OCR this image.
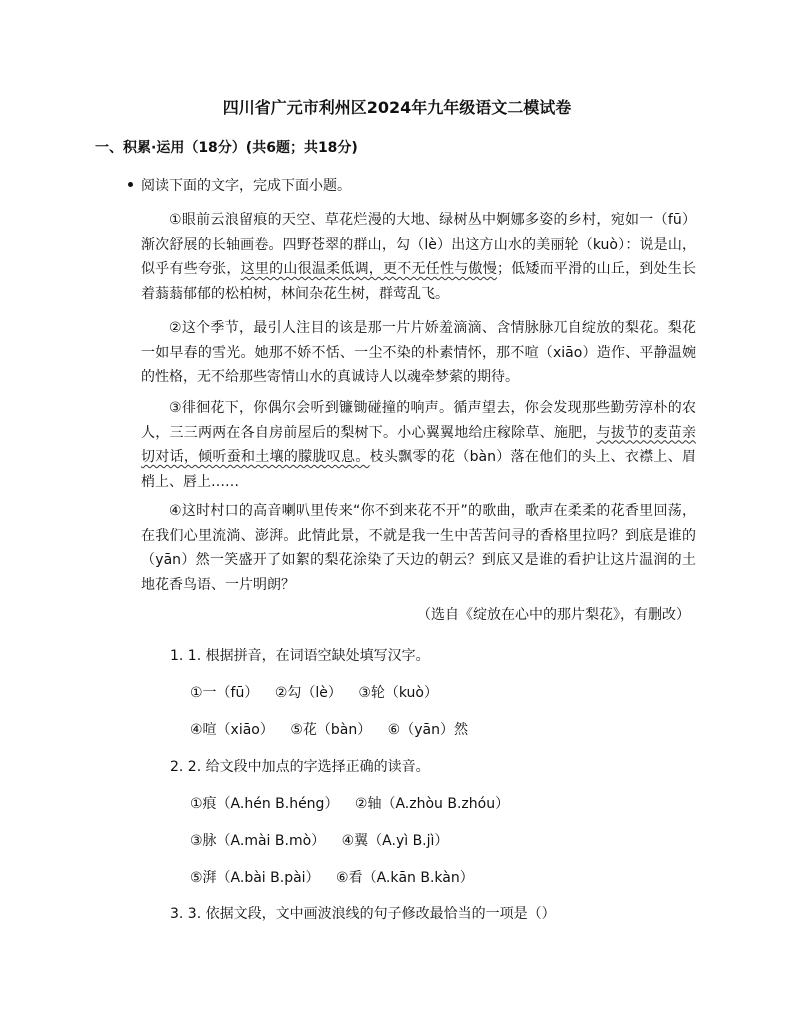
四川省广元市利州区2024年九年级语文二模试卷
一、积累·运用（18分）(共6题；共18分)
阅读下面的文字，完成下面小题。
①眼前云浪留痕的天空、草花烂漫的大地、绿树丛中婀娜多姿的乡村，宛如一（fū）渐次舒展的长轴画卷。四野苍翠的群山，勾（lè）出这方山水的美丽轮（kuò）：说是山，似乎有些夸张，这里的山很温柔低调，更不无任性与傲慢；低矮而平滑的山丘，到处生长着蓊蓊郁郁的松柏树，林间杂花生树，群莺乱飞。
②这个季节，最引人注目的该是那一片片娇羞滴滴、含情脉脉兀自绽放的梨花。梨花一如早春的雪光。她那不娇不恬、一尘不染的朴素情怀，那不喧（xiāo）造作、平静温婉的性格，无不给那些寄情山水的真诚诗人以魂牵梦萦的期待。
③徘徊花下，你偶尔会听到镰锄碰撞的响声。循声望去，你会发现那些勤劳淳朴的农人，三三两两在各自房前屋后的梨树下。小心翼翼地给庄稼除草、施肥，与拔节的麦苗亲切对话，倾听蚕和土壤的朦胧叹息。枝头飘零的花（bàn）落在他们的头上、衣襟上、眉梢上、唇上……
④这时村口的高音喇叭里传来“你不到来花不开”的歌曲，歌声在柔柔的花香里回荡，在我们心里流淌、澎湃。此情此景，不就是我一生中苦苦问寻的香格里拉吗？到底是谁的（yān）然一笑盛开了如絮的梨花涂染了天边的朝云？到底又是谁的看护让这片温润的土地花香鸟语、一片明朗？
（选自《绽放在心中的那片梨花》，有删改）
1. 1. 根据拼音，在词语空缺处填写汉字。
①一（fū） ②勾（lè） ③轮（kuò）
④喧（xiāo） ⑤花（bàn） ⑥（yān）然
2. 2. 给文段中加点的字选择正确的读音。
①痕（A.hén B.héng） ②轴（A.zhòu B.zhóu）
③脉（A.mài B.mò） ④翼（A.yì B.jì）
⑤湃（A.bài B.pài） ⑥看（A.kān B.kàn）
3. 3. 依据文段，文中画波浪线的句子修改最恰当的一项是（）
